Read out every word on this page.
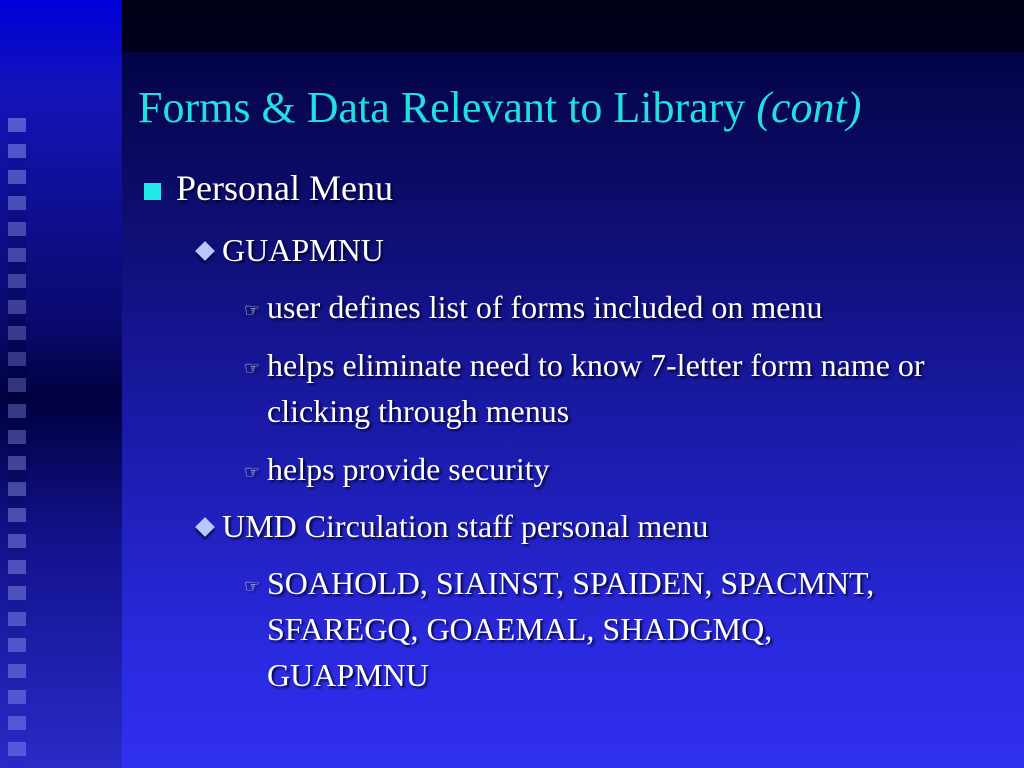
Forms & Data Relevant to Library (cont)
Personal Menu
GUAPMNU
☞ user defines list of forms included on menu
☞ helps eliminate need to know 7-letter form name or clicking through menus
☞ helps provide security
UMD Circulation staff personal menu
☞ SOAHOLD, SIAINST, SPAIDEN, SPACMNT, SFAREGQ, GOAEMAL, SHADGMQ, GUAPMNU
